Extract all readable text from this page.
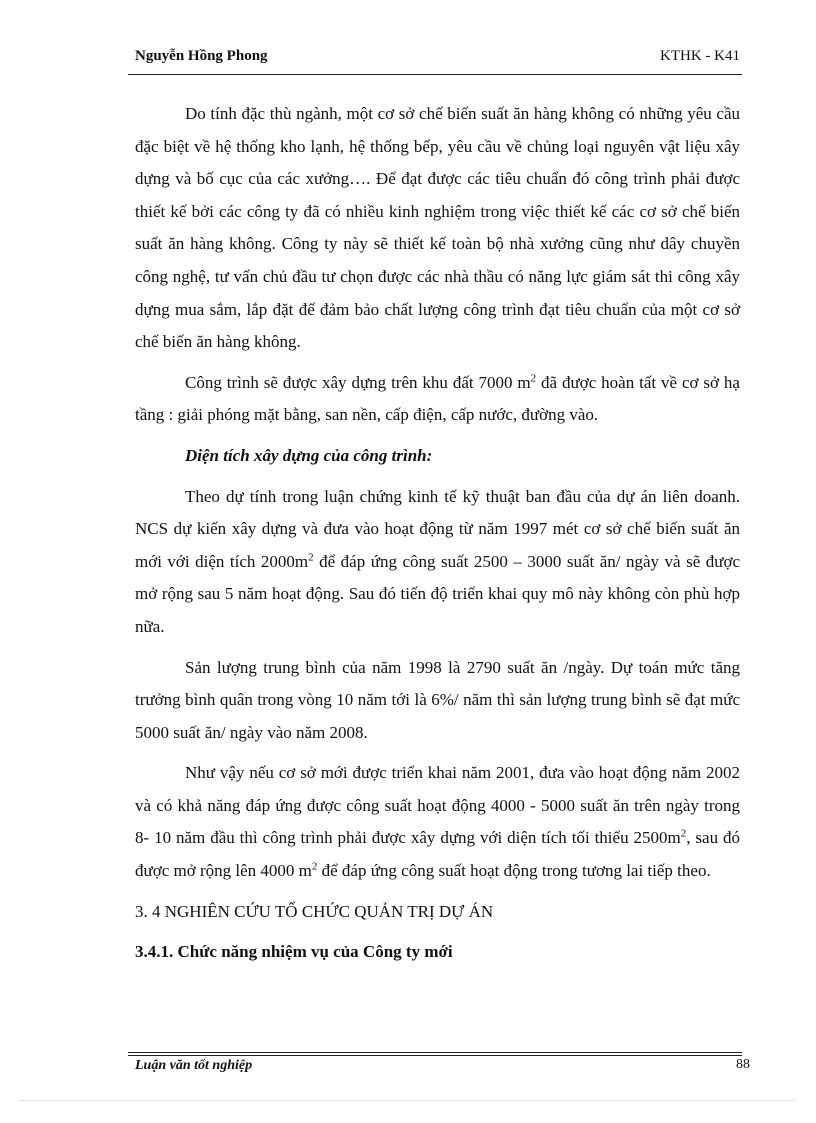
Nguyễn Hồng Phong	KTHK - K41

Do tính đặc thù ngành, một cơ sở chế biến suất ăn hàng không có những yêu cầu đặc biệt về hệ thống kho lạnh, hệ thống bếp, yêu cầu về chủng loại nguyên vật liệu xây dựng và bố cục của các xưởng…. Để đạt được các tiêu chuẩn đó công trình phải được thiết kế bởi các công ty đã có nhiều kinh nghiệm trong việc thiết kế các cơ sở chế biến suất ăn hàng không. Công ty này sẽ thiết kế toàn bộ nhà xưởng cũng như dây chuyền công nghệ, tư vấn chủ đầu tư chọn được các nhà thầu có năng lực giám sát thi công xây dựng mua sắm, lắp đặt để đảm bảo chất lượng công trình đạt tiêu chuẩn của một cơ sở chế biến ăn hàng không.

Công trình sẽ được xây dựng trên khu đất 7000 $m^2$ đã được hoàn tất về cơ sở hạ tầng : giải phóng mặt bằng, san nền, cấp điện, cấp nước, đường vào.

Diện tích xây dựng của công trình:

Theo dự tính trong luận chứng kinh tế kỹ thuật ban đầu của dự án liên doanh. NCS dự kiến xây dựng và đưa vào hoạt động từ năm 1997 mét cơ sở chế biến suất ăn mới với diện tích $2000m^2$ để đáp ứng công suất 2500 – 3000 suất ăn/ ngày và sẽ được mở rộng sau 5 năm hoạt động. Sau đó tiến độ triển khai quy mô này không còn phù hợp nữa.

Sản lượng trung bình của năm 1998 là 2790 suất ăn /ngày. Dự toán mức tăng trưởng bình quân trong vòng 10 năm tới là 6%/ năm thì sản lượng trung bình sẽ đạt mức 5000 suất ăn/ ngày vào năm 2008.

Như vậy nếu cơ sở mới được triển khai năm 2001, đưa vào hoạt động năm 2002 và có khả năng đáp ứng được công suất hoạt động 4000 - 5000 suất ăn trên ngày trong 8- 10 năm đầu thì công trình phải được xây dựng với diện tích tối thiểu $2500m^2$, sau đó được mở rộng lên 4000 $m^2$ để đáp ứng công suất hoạt động trong tương lai tiếp theo.

3. 4 NGHIÊN CỨU TỔ CHỨC QUẢN TRỊ DỰ ÁN

3.4.1. Chức năng nhiệm vụ của Công ty mới

Luận văn tốt nghiệp	88
